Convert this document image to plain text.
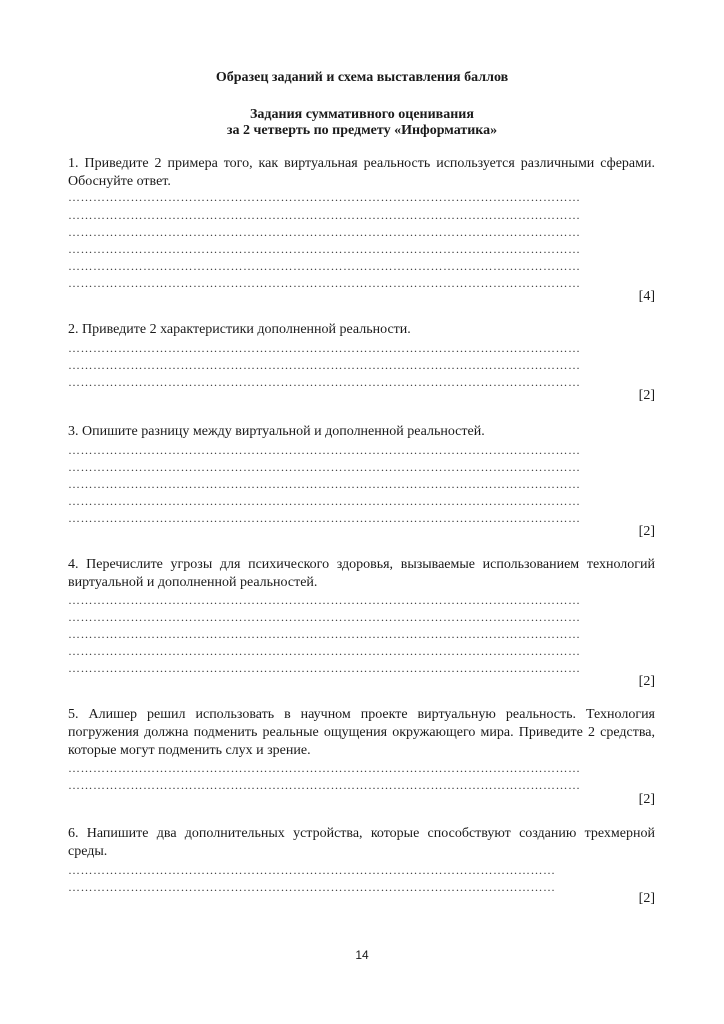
Образец заданий и схема выставления баллов

Задания суммативного оценивания

за 2 четверть по предмету «Информатика»

1. Приведите 2 примера того, как виртуальная реальность используется различными сферами. Обоснуйте ответ.

……………………………………………………………………………………………………………
……………………………………………………………………………………………………………
……………………………………………………………………………………………………………
……………………………………………………………………………………………………………
……………………………………………………………………………………………………………
……………………………………………………………………………………………………………
[4]

2. Приведите 2 характеристики дополненной реальности.

……………………………………………………………………………………………………………
……………………………………………………………………………………………………………
……………………………………………………………………………………………………………
[2]

3. Опишите разницу между виртуальной и дополненной реальностей.

……………………………………………………………………………………………………………
……………………………………………………………………………………………………………
……………………………………………………………………………………………………………
……………………………………………………………………………………………………………
……………………………………………………………………………………………………………
[2]

4. Перечислите угрозы для психического здоровья, вызываемые использованием технологий виртуальной и дополненной реальностей.

……………………………………………………………………………………………………………
……………………………………………………………………………………………………………
……………………………………………………………………………………………………………
……………………………………………………………………………………………………………
……………………………………………………………………………………………………………
[2]

5. Алишер решил использовать в научном проекте виртуальную реальность. Технология погружения должна подменить реальные ощущения окружающего мира. Приведите 2 средства, которые могут подменить слух и зрение.

……………………………………………………………………………………………………………
……………………………………………………………………………………………………………
[2]

6. Напишите два дополнительных устройства, которые способствуют созданию трехмерной среды.

………………………………………………………………………………………………………
………………………………………………………………………………………………………
[2]
14
